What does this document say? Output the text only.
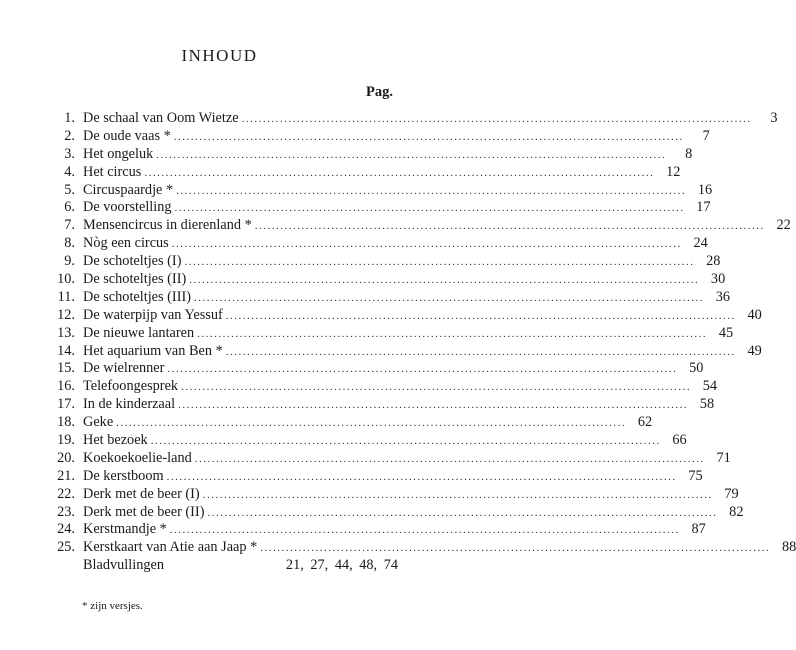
INHOUD
Pag.
1. De schaal van Oom Wietze ........................................................................................................................	3
2. De oude vaas * ........................................................................................................................	7
3. Het ongeluk ........................................................................................................................	8
4. Het circus ........................................................................................................................ 12
5. Circuspaardje * ........................................................................................................................ 16
6. De voorstelling ........................................................................................................................ 17
7. Mensencircus in dierenland * ........................................................................................................................ 22
8. Nòg een circus ........................................................................................................................ 24
9. De schoteltjes (I) ........................................................................................................................ 28
10. De schoteltjes (II) ........................................................................................................................ 30
11. De schoteltjes (III) ........................................................................................................................ 36
12. De waterpijp van Yessuf ........................................................................................................................ 40
13. De nieuwe lantaren ........................................................................................................................ 45
14. Het aquarium van Ben * ........................................................................................................................ 49
15. De wielrenner ........................................................................................................................ 50
16. Telefoongesprek ........................................................................................................................ 54
17. In de kinderzaal ........................................................................................................................ 58
18. Geke ........................................................................................................................ 62
19. Het bezoek ........................................................................................................................ 66
20. Koekoekoelie-land ........................................................................................................................ 71
21. De kerstboom ........................................................................................................................ 75
22. Derk met de beer (I) ........................................................................................................................ 79
23. Derk met de beer (II) ........................................................................................................................ 82
24. Kerstmandje * ........................................................................................................................ 87
25. Kerstkaart van Atie aan Jaap * ........................................................................................................................ 88
Bladvullingen	21, 27, 44, 48, 74
* zijn versjes.
